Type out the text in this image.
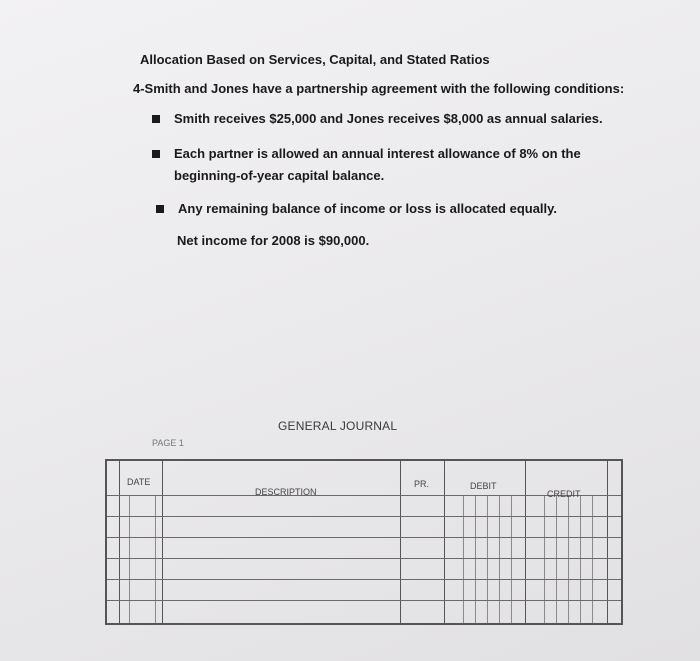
Allocation Based on Services, Capital, and Stated Ratios
4-Smith and Jones have a partnership agreement with the following conditions:
Smith receives $25,000 and Jones receives $8,000 as annual salaries.
Each partner is allowed an annual interest allowance of 8% on the beginning-of-year capital balance.
Any remaining balance of income or loss is allocated equally.
Net income for 2008 is $90,000.
GENERAL JOURNAL
PAGE 1
DATE
DESCRIPTION
PR.	DEBIT
CREDIT
